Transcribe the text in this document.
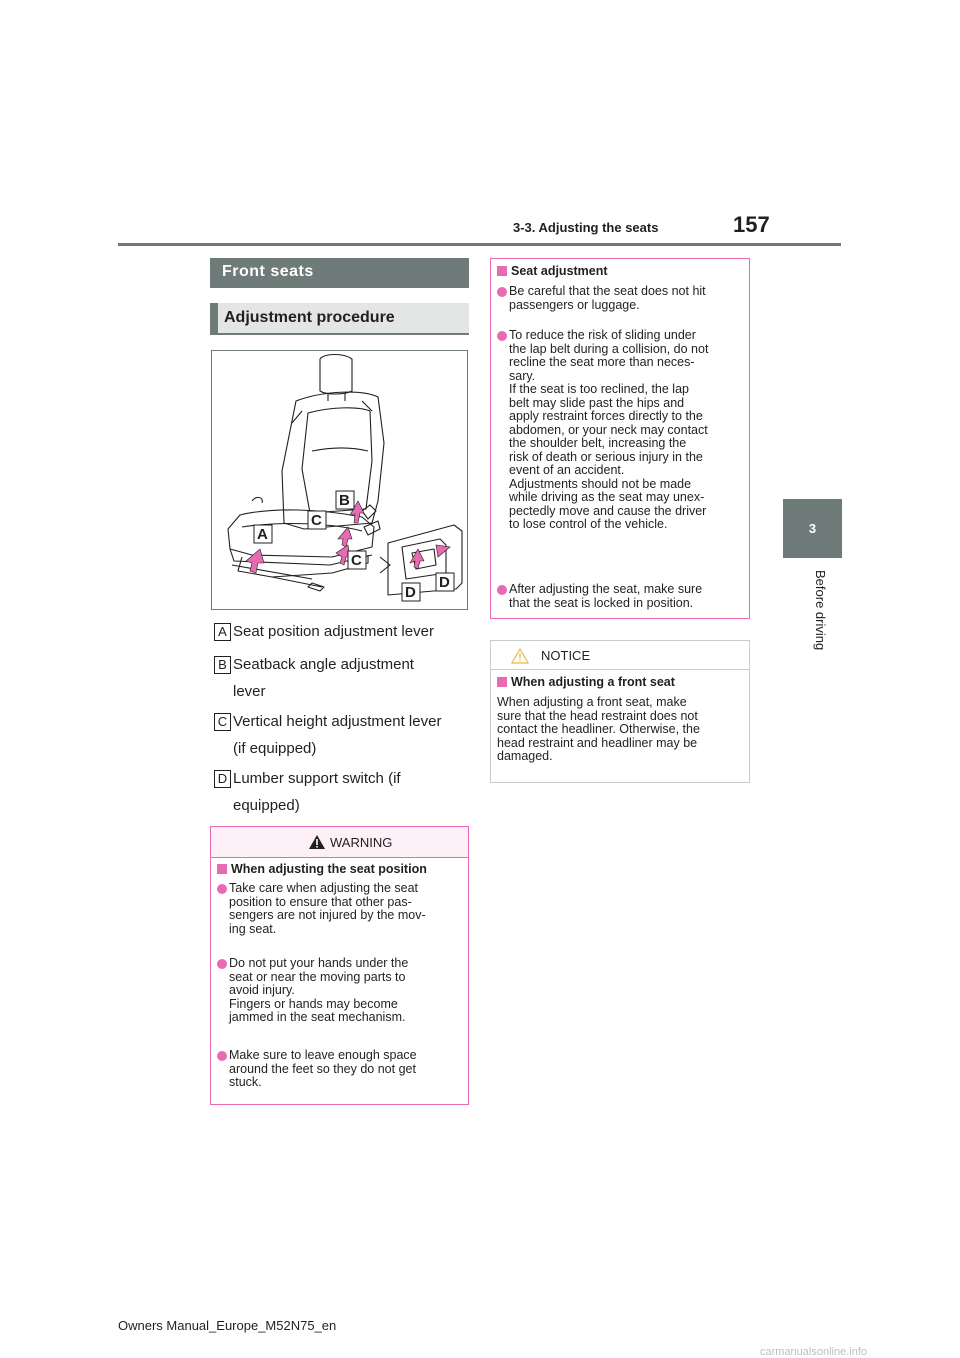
3-3. Adjusting the seats	157
3
Before driving
Front seats
Adjustment procedure
A
B
C
C
D
D
A Seat position adjustment lever
B Seatback angle adjustment
lever
C Vertical height adjustment lever
(if equipped)
D Lumber support switch (if
equipped)
WARNING
When adjusting the seat position
Take care when adjusting the seat
position to ensure that other pas-
sengers are not injured by the mov-
ing seat.
Do not put your hands under the
seat or near the moving parts to
avoid injury.
Fingers or hands may become
jammed in the seat mechanism.
Make sure to leave enough space
around the feet so they do not get
stuck.
Seat adjustment
Be careful that the seat does not hit
passengers or luggage.
To reduce the risk of sliding under
the lap belt during a collision, do not
recline the seat more than neces-
sary.
If the seat is too reclined, the lap
belt may slide past the hips and
apply restraint forces directly to the
abdomen, or your neck may contact
the shoulder belt, increasing the
risk of death or serious injury in the
event of an accident.
Adjustments should not be made
while driving as the seat may unex-
pectedly move and cause the driver
to lose control of the vehicle.
After adjusting the seat, make sure
that the seat is locked in position.
NOTICE
When adjusting a front seat
When adjusting a front seat, make
sure that the head restraint does not
contact the headliner. Otherwise, the
head restraint and headliner may be
damaged.
Owners Manual_Europe_M52N75_en
carmanualsonline.info
